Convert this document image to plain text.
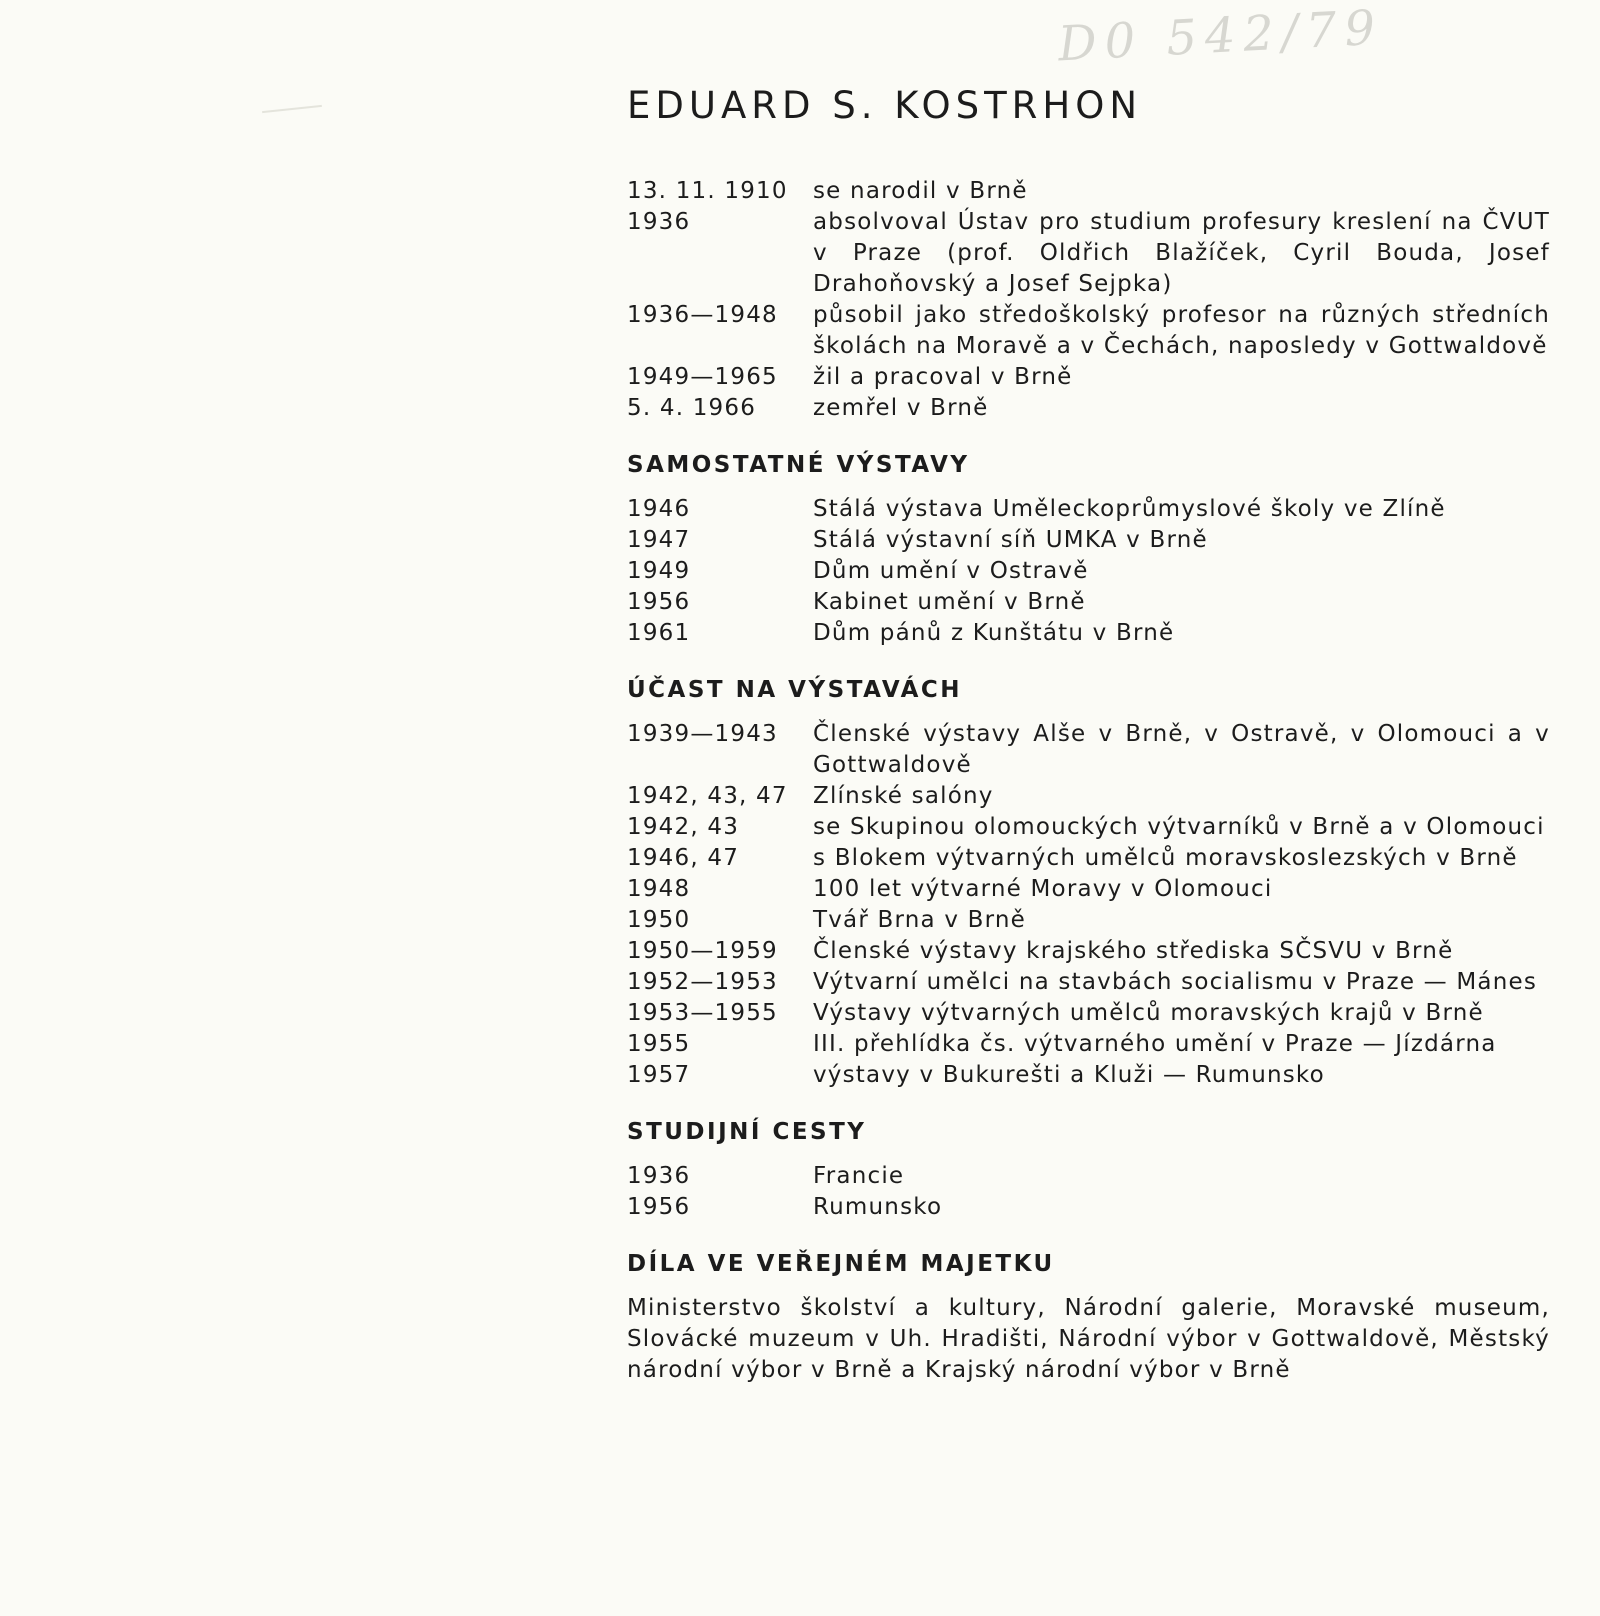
D0 542/79
EDUARD S. KOSTRHON
13. 11. 1910	se narodil v Brně
1936	absolvoval Ústav pro studium profesury kreslení na ČVUT v Praze (prof. Oldřich Blažíček, Cyril Bouda, Josef Drahoňovský a Josef Sejpka)
1936—1948	působil jako středoškolský profesor na různých středních školách na Moravě a v Čechách, naposledy v Gottwaldově
1949—1965	žil a pracoval v Brně
5. 4. 1966	zemřel v Brně
SAMOSTATNÉ VÝSTAVY
1946	Stálá výstava Uměleckoprůmyslové školy ve Zlíně
1947	Stálá výstavní síň UMKA v Brně
1949	Dům umění v Ostravě
1956	Kabinet umění v Brně
1961	Dům pánů z Kunštátu v Brně
ÚČAST NA VÝSTAVÁCH
1939—1943	Členské výstavy Alše v Brně, v Ostravě, v Olomouci a v Gottwaldově
1942, 43, 47	Zlínské salóny
1942, 43	se Skupinou olomouckých výtvarníků v Brně a v Olomouci
1946, 47	s Blokem výtvarných umělců moravskoslezských v Brně
1948	100 let výtvarné Moravy v Olomouci
1950	Tvář Brna v Brně
1950—1959	Členské výstavy krajského střediska SČSVU v Brně
1952—1953	Výtvarní umělci na stavbách socialismu v Praze — Mánes
1953—1955	Výstavy výtvarných umělců moravských krajů v Brně
1955	III. přehlídka čs. výtvarného umění v Praze — Jízdárna
1957	výstavy v Bukurešti a Kluži — Rumunsko
STUDIJNÍ CESTY
1936	Francie
1956	Rumunsko
DÍLA VE VEŘEJNÉM MAJETKU

Ministerstvo školství a kultury, Národní galerie, Moravské museum, Slovácké muzeum v Uh. Hradišti, Národní výbor v Gottwaldově, Městský národní výbor v Brně a Krajský národní výbor v Brně
